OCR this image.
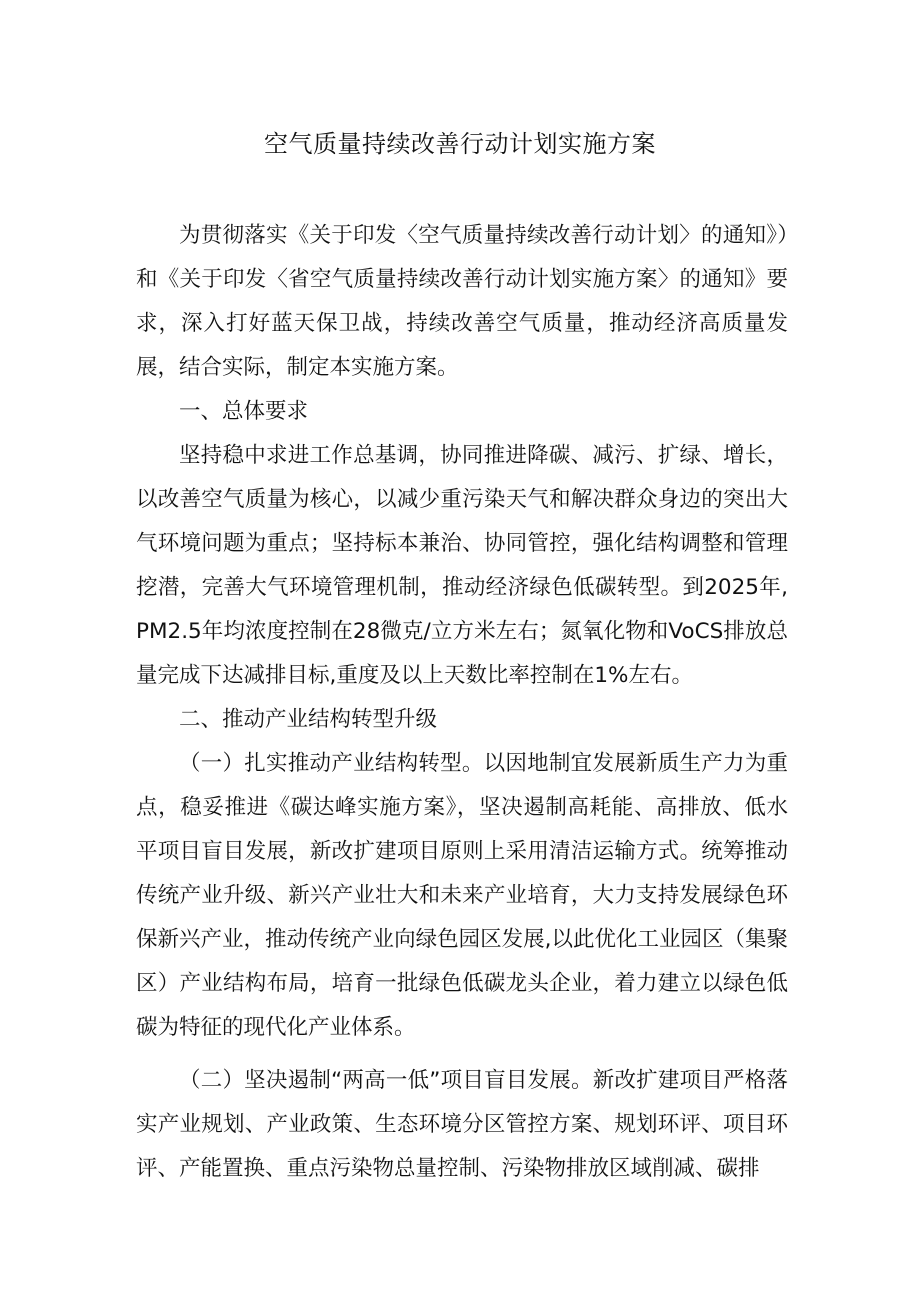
空气质量持续改善行动计划实施方案

为贯彻落实《关于印发〈空气质量持续改善行动计划〉的通知》）和《关于印发〈省空气质量持续改善行动计划实施方案〉的通知》要求，深入打好蓝天保卫战，持续改善空气质量，推动经济高质量发展，结合实际，制定本实施方案。

一、总体要求

坚持稳中求进工作总基调，协同推进降碳、减污、扩绿、增长，以改善空气质量为核心，以减少重污染天气和解决群众身边的突出大气环境问题为重点；坚持标本兼治、协同管控，强化结构调整和管理挖潜，完善大气环境管理机制，推动经济绿色低碳转型。到2025年,PM2.5年均浓度控制在28微克/立方米左右；氮氧化物和VoCS排放总量完成下达减排目标,重度及以上天数比率控制在1%左右。

二、推动产业结构转型升级

（一）扎实推动产业结构转型。以因地制宜发展新质生产力为重点，稳妥推进《碳达峰实施方案》，坚决遏制高耗能、高排放、低水平项目盲目发展，新改扩建项目原则上采用清洁运输方式。统筹推动传统产业升级、新兴产业壮大和未来产业培育，大力支持发展绿色环保新兴产业，推动传统产业向绿色园区发展,以此优化工业园区（集聚区）产业结构布局，培育一批绿色低碳龙头企业，着力建立以绿色低碳为特征的现代化产业体系。

（二）坚决遏制“两高一低”项目盲目发展。新改扩建项目严格落实产业规划、产业政策、生态环境分区管控方案、规划环评、项目环评、产能置换、重点污染物总量控制、污染物排放区域削减、碳排
